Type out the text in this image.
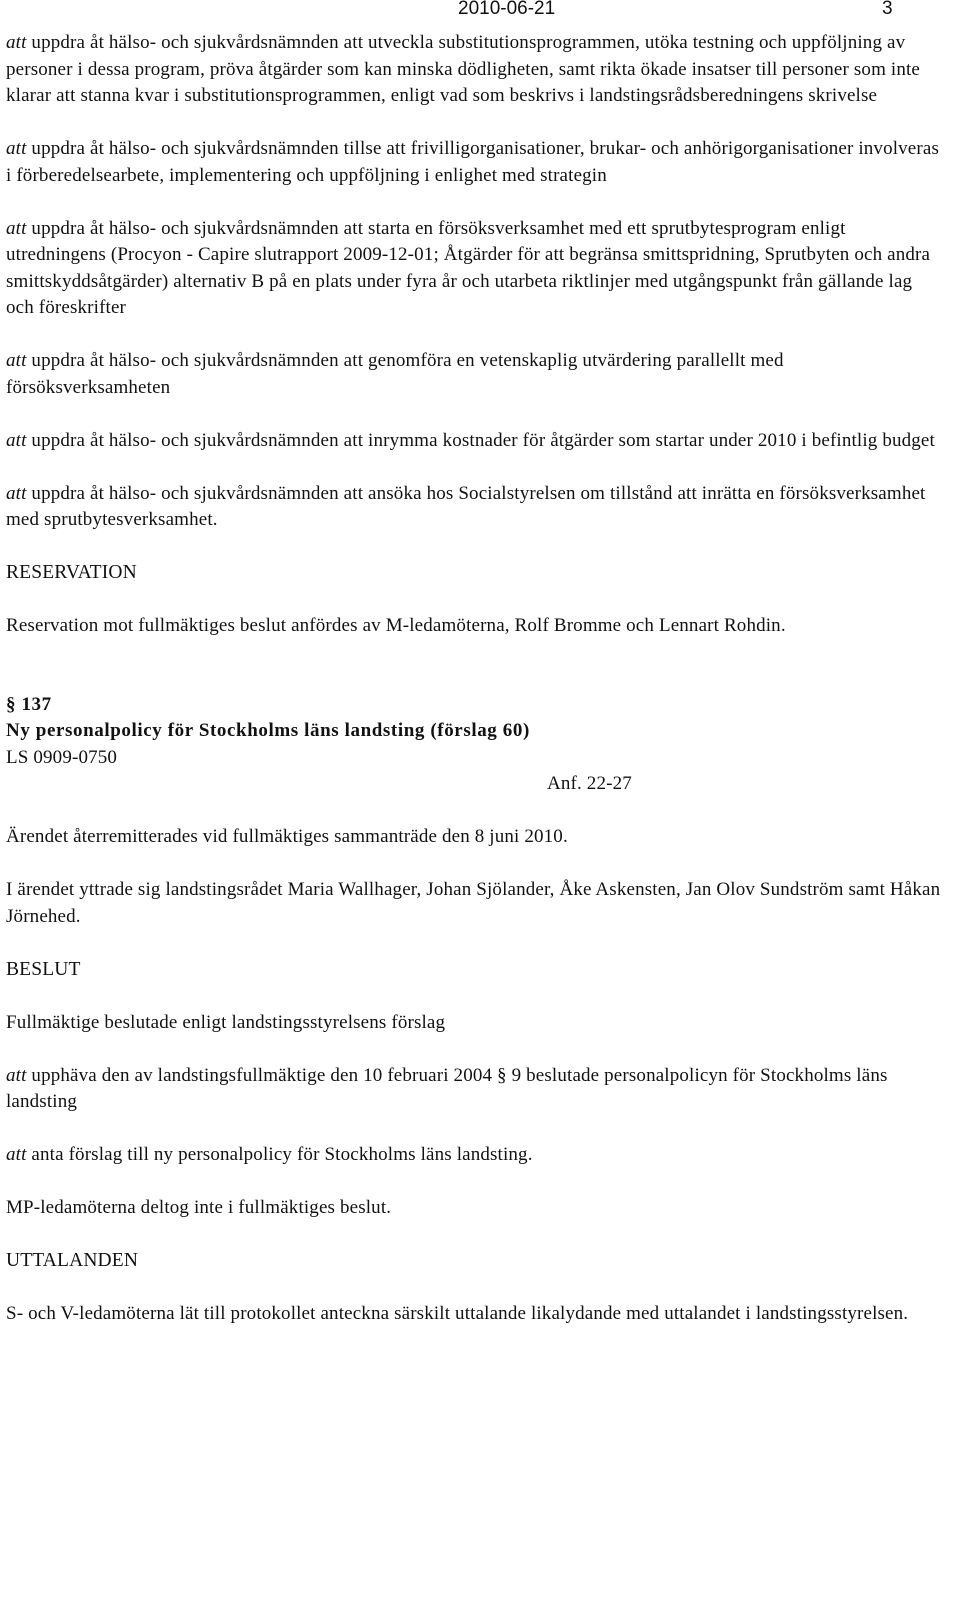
2010-06-21	3

att uppdra åt hälso- och sjukvårdsnämnden att utveckla substitutionsprogrammen, utöka testning och uppföljning av personer i dessa program, pröva åtgärder som kan minska dödligheten, samt rikta ökade insatser till personer som inte klarar att stanna kvar i substitutionsprogrammen, enligt vad som beskrivs i landstingsrådsberedningens skrivelse

att uppdra åt hälso- och sjukvårdsnämnden tillse att frivilligorganisationer, brukar- och anhörigorganisationer involveras i förberedelsearbete, implementering och uppföljning i enlighet med strategin

att uppdra åt hälso- och sjukvårdsnämnden att starta en försöksverksamhet med ett sprutbytesprogram enligt utredningens (Procyon - Capire slutrapport 2009-12-01; Åtgärder för att begränsa smittspridning, Sprutbyten och andra smittskyddsåtgärder) alternativ B på en plats under fyra år och utarbeta riktlinjer med utgångspunkt från gällande lag och föreskrifter

att uppdra åt hälso- och sjukvårdsnämnden att genomföra en vetenskaplig utvärdering parallellt med försöksverksamheten

att uppdra åt hälso- och sjukvårdsnämnden att inrymma kostnader för åtgärder som startar under 2010 i befintlig budget

att uppdra åt hälso- och sjukvårdsnämnden att ansöka hos Socialstyrelsen om tillstånd att inrätta en försöksverksamhet med sprutbytesverksamhet.

RESERVATION

Reservation mot fullmäktiges beslut anfördes av M-ledamöterna, Rolf Bromme och Lennart Rohdin.

§ 137

Ny personalpolicy för Stockholms läns landsting (förslag 60)

LS 0909-0750

Anf. 22-27

Ärendet återremitterades vid fullmäktiges sammanträde den 8 juni 2010.

I ärendet yttrade sig landstingsrådet Maria Wallhager, Johan Sjölander, Åke Askensten, Jan Olov Sundström samt Håkan Jörnehed.

BESLUT

Fullmäktige beslutade enligt landstingsstyrelsens förslag

att upphäva den av landstingsfullmäktige den 10 februari 2004 § 9 beslutade personalpolicyn för Stockholms läns landsting

att anta förslag till ny personalpolicy för Stockholms läns landsting.

MP-ledamöterna deltog inte i fullmäktiges beslut.

UTTALANDEN

S- och V-ledamöterna lät till protokollet anteckna särskilt uttalande likalydande med uttalandet i landstingsstyrelsen.
